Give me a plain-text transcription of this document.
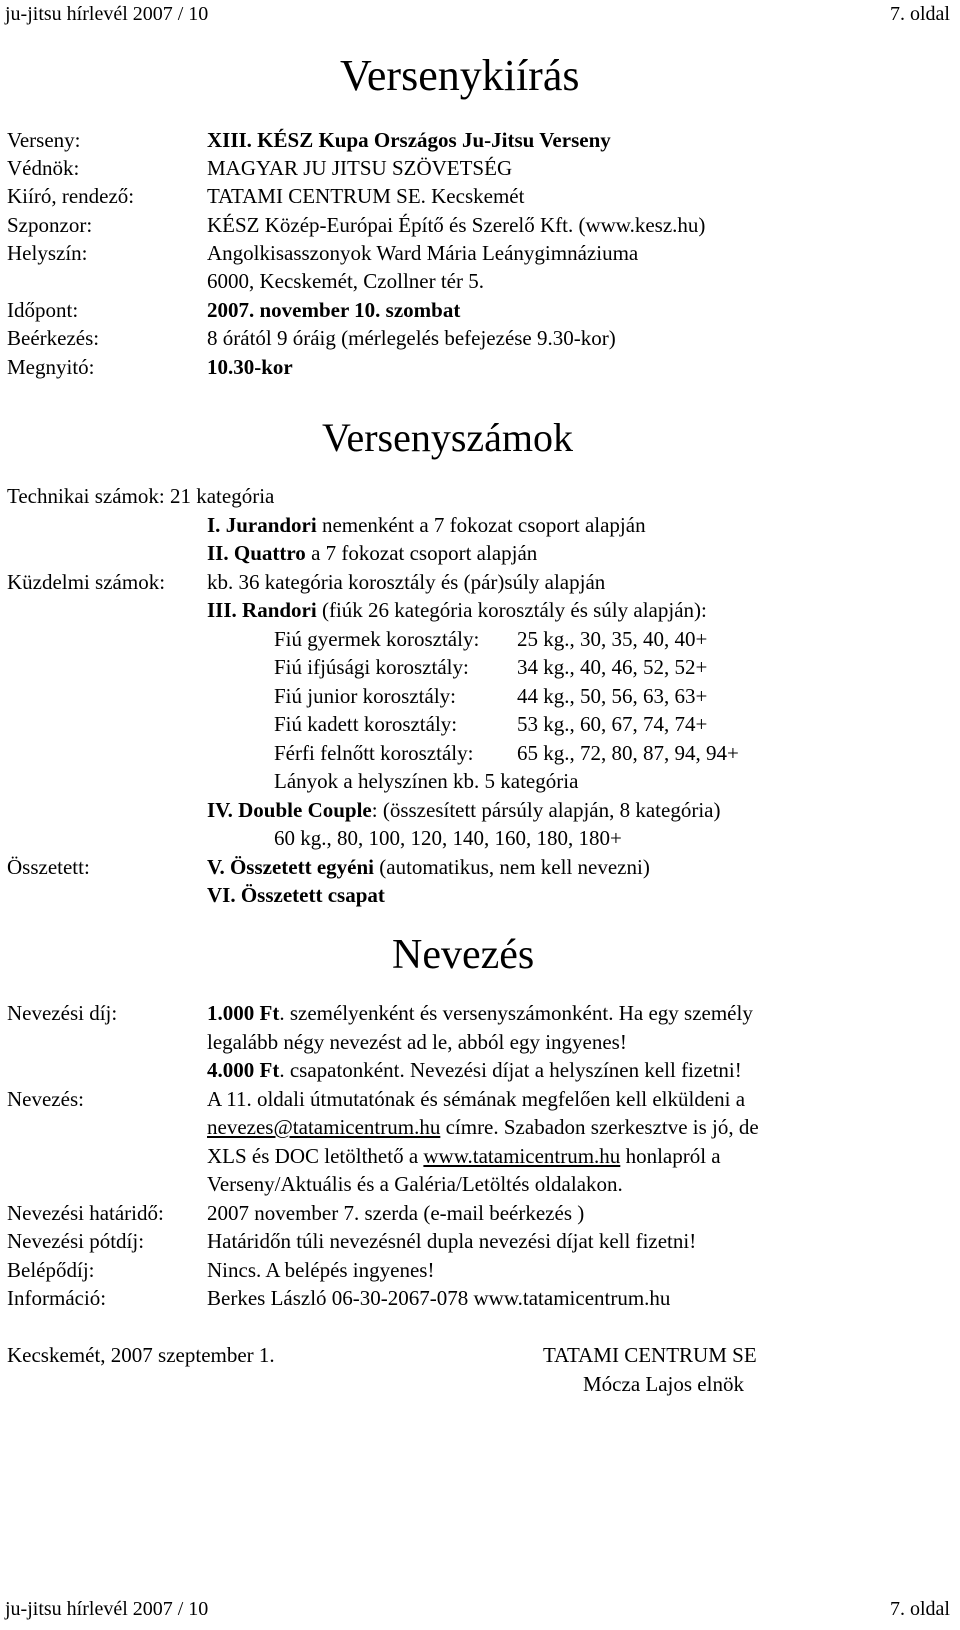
ju-jitsu hírlevél 2007 / 10	7. oldal
Versenykiírás
Verseny:	XIII. KÉSZ Kupa Országos Ju-Jitsu Verseny
Védnök:	MAGYAR JU JITSU SZÖVETSÉG
Kiíró, rendező:	TATAMI CENTRUM SE. Kecskemét
Szponzor:	KÉSZ Közép-Európai Építő és Szerelő Kft. (www.kesz.hu)
Helyszín:	Angolkisasszonyok Ward Mária Leánygimnáziuma
6000, Kecskemét, Czollner tér 5.
Időpont:	2007. november 10. szombat
Beérkezés:	8 órától 9 óráig (mérlegelés befejezése 9.30-kor)
Megnyitó:	10.30-kor
Versenyszámok
Technikai számok: 21 kategória
I. Jurandori nemenként a 7 fokozat csoport alapján
II. Quattro a 7 fokozat csoport alapján
Küzdelmi számok: kb. 36 kategória korosztály és (pár)súly alapján
III. Randori (fiúk 26 kategória korosztály és súly alapján):
Fiú gyermek korosztály: 25 kg., 30, 35, 40, 40+
Fiú ifjúsági korosztály: 34 kg., 40, 46, 52, 52+
Fiú junior korosztály:	44 kg., 50, 56, 63, 63+
Fiú kadett korosztály:	53 kg., 60, 67, 74, 74+
Férfi felnőtt korosztály: 65 kg., 72, 80, 87, 94, 94+
Lányok a helyszínen kb. 5 kategória
IV. Double Couple: (összesített pársúly alapján, 8 kategória)
60 kg., 80, 100, 120, 140, 160, 180, 180+
Összetett:	V. Összetett egyéni (automatikus, nem kell nevezni)
VI. Összetett csapat
Nevezés
Nevezési díj:	1.000 Ft. személyenként és versenyszámonként. Ha egy személy
legalább négy nevezést ad le, abból egy ingyenes!
4.000 Ft. csapatonként. Nevezési díjat a helyszínen kell fizetni!
Nevezés:	A 11. oldali útmutatónak és sémának megfelően kell elküldeni a
nevezes@tatamicentrum.hu címre. Szabadon szerkesztve is jó, de
XLS és DOC letölthető a www.tatamicentrum.hu honlapról a
Verseny/Aktuális és a Galéria/Letöltés oldalakon.
Nevezési határidő: 2007 november 7. szerda (e-mail beérkezés )
Nevezési pótdíj:	Határidőn túli nevezésnél dupla nevezési díjat kell fizetni!
Belépődíj:	Nincs. A belépés ingyenes!
Információ:	Berkes László 06-30-2067-078 www.tatamicentrum.hu
Kecskemét, 2007 szeptember 1.	TATAMI CENTRUM SE
Mócza Lajos elnök
ju-jitsu hírlevél 2007 / 10	7. oldal
